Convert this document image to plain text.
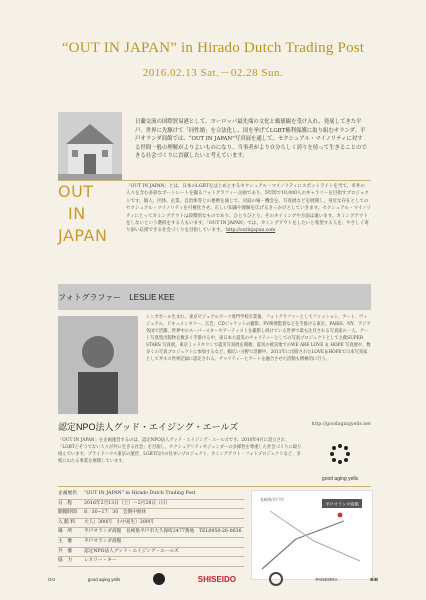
“OUT IN JAPAN” in Hirado Dutch Trading Post
2016.02.13 Sat.－02.28 Sun.
日蘭交流の国際貿易港として、ヨーロッパ最先端の文化と価値観を受け入れ、発展してきた平戸。世界に先駆けて「同性婚」を合法化し、国を挙げてLGBT権利保護に取り組むオランダ。平戸オランダ商館では、“OUT IN JAPAN”写真展を通して、セクシュアル・マイノリティに対する世間一般の理解がよりよいものになり、当事者がより自分らしく誇りを持って生きることのできる社会づくりに貢献したいと考えています。
OUT
IN
JAPAN
「OUT IN JAPAN」とは、日本のLGBTをはじめとするセクシュアル・マイノリティにスポットライトを当て、市井の人々を含む多彩なポートレートを撮るフォトグラフィー企画であり、5年間で10,000人のギャラリーを目指すプロジェクトです。個人、団体、企業、自治体等との連携を通じて、対話の場・機会を、写真展などを展開し、身近な存在としてのセクシュアル・マイノリティを可視化させ、正しい知識や理解を広げるきっかけとしていきます。セクシュアル・マイノリティにとってカミングアウトは段階的なものであり、ひとりひとり、そのタイミングや方法は違います。カミングアウトをしないという選択をする人もいます。「OUT IN JAPAN」では、カミングアウトをしたいと希望する人を、やさしく寄り添い応援できる社会づくりを目指しています。 http://outinjapan.com
フォトグラファー　LESLIE KEE
シンガポール生まれ。東京ビジュアルアーツ専門学校卒業後、フォトグラファーとしてファッション、アート、ヴィジュアル、ドキュメンタリー、広告、CDジャケットの撮影、PV映像監督などを手掛ける東京、PARIS、NY、アジア各国で活躍。世界中のスーパースターやアーティストを撮影し続けている世界で最も注目される写真家の一人。アート写真集出版物を数多く手掛ける中、東日本大震災のチャリティーとしての写真プロジェクトとして主催SUPER STARS 写真展。東京ミッドタウンで震災写真展を開催。震災の被災地でのWE ARE LOVE ＆ HOPE 写真展や、数多くの写真プロジェクトに参加するなど、幅広い分野で活躍中。2011年に出版されたLOVE＆HOPEで日本写真家としてギネス世界記録に認定される。チャリティーとアートを融合させた活動も積極的に行う。
認定NPO法人グッド・エイジング・エールズ	http://goodagingyells.net
「OUT IN JAPAN」を企画運営するのは、認定NPO法人グッド・エイジング・エールズです。2010年4月に設立され、「LGBTとそうでない人々が共に生きる社会」を目指し、セクシュアリティやジェンダーの多様性を尊重した社会づくりに取り組んでいます。プライドハウス東京の運営、LGBT向けの住まいプロジェクト、カミングアウト・フォトプロジェクトなど、多岐にわたる事業を展開しています。
good aging yells
企画展名	“OUT IN JAPAN” in Hirado Dutch Trading Post
日　程	2016年2月13日（土）〜2月28日（日）
開館時間	8：30−17：30　会期中無休
入 館 料	大人）300円　小中高生）200円
場　所	平戸オランダ商館　長崎県平戸市大久保町2477番地　TEL0950-26-0636
主　催	平戸オランダ商館
共　催	認定NPO法人グッド・エイジング・エールズ
協　力	レスリー・キー
平戸オランダ商館
長崎県平戸市
OIJ	good aging yells	SHISEIDO	PANDORA	BiB
